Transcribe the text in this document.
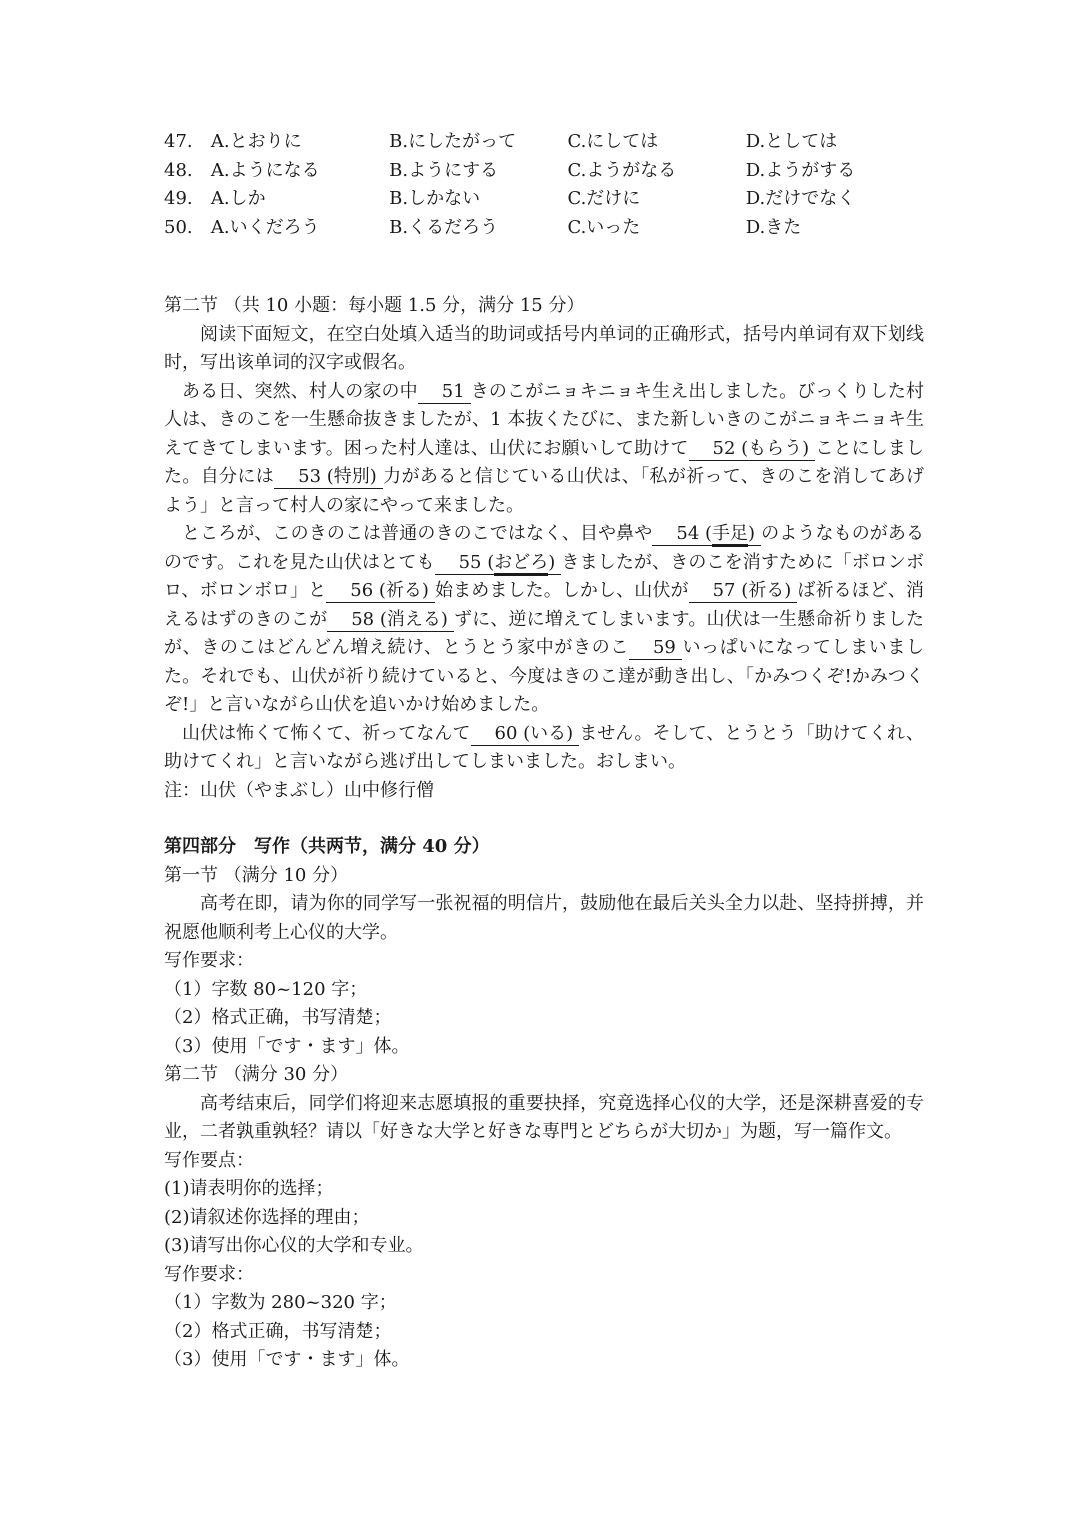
47.	A.とおりに	B.にしたがって	C.にしては	D.としては
48.	A.ようになる	B.ようにする	C.ようがなる	D.ようがする
49.	A.しか	B.しかない	C.だけに	D.だけでなく
50.	A.いくだろう	B.くるだろう	C.いった	D.きた
第二节 （共 10 小题：每小题 1.5 分，满分 15 分）
阅读下面短文，在空白处填入适当的助词或括号内单词的正确形式，括号内单词有双下划线时，写出该单词的汉字或假名。
ある日、突然、村人の家の中 51 きのこがニョキニョキ生え出しました。びっくりした村人は、きのこを一生懸命抜きましたが、1 本抜くたびに、また新しいきのこがニョキニョキ生えてきてしまいます。困った村人達は、山伏にお願いして助けて 52 (もらう) ことにしました。自分には 53 (特別) 力があると信じている山伏は、「私が祈って、きのこを消してあげよう」と言って村人の家にやって来ました。
ところが、このきのこは普通のきのこではなく、目や鼻や 54 (手足) のようなものがあるのです。これを見た山伏はとても 55 (おどろ) きましたが、きのこを消すために「ボロンボロ、ボロンボロ」と 56 (祈る) 始まめました。しかし、山伏が 57 (祈る) ば祈るほど、消えるはずのきのこが 58 (消える) ずに、逆に増えてしまいます。山伏は一生懸命祈りましたが、きのこはどんどん増え続け、とうとう家中がきのこ 59 いっぱいになってしまいました。それでも、山伏が祈り続けていると、今度はきのこ達が動き出し、「かみつくぞ!かみつくぞ!」と言いながら山伏を追いかけ始めました。
山伏は怖くて怖くて、祈ってなんて 60 (いる) ません。そして、とうとう「助けてくれ、助けてくれ」と言いながら逃げ出してしまいました。おしまい。
注：山伏（やまぶし）山中修行僧
第四部分　写作（共两节，满分 40 分）
第一节 （满分 10 分）
高考在即，请为你的同学写一张祝福的明信片，鼓励他在最后关头全力以赴、坚持拼搏，并祝愿他顺利考上心仪的大学。
写作要求：
（1）字数 80~120 字；
（2）格式正确，书写清楚；
（3）使用「です・ます」体。
第二节 （满分 30 分）
高考结束后，同学们将迎来志愿填报的重要抉择，究竟选择心仪的大学，还是深耕喜爱的专业，二者孰重孰轻？请以「好きな大学と好きな専門とどちらが大切か」为题，写一篇作文。
写作要点：
(1)请表明你的选择；
(2)请叙述你选择的理由；
(3)请写出你心仪的大学和专业。
写作要求：
（1）字数为 280~320 字；
（2）格式正确，书写清楚；
（3）使用「です・ます」体。
